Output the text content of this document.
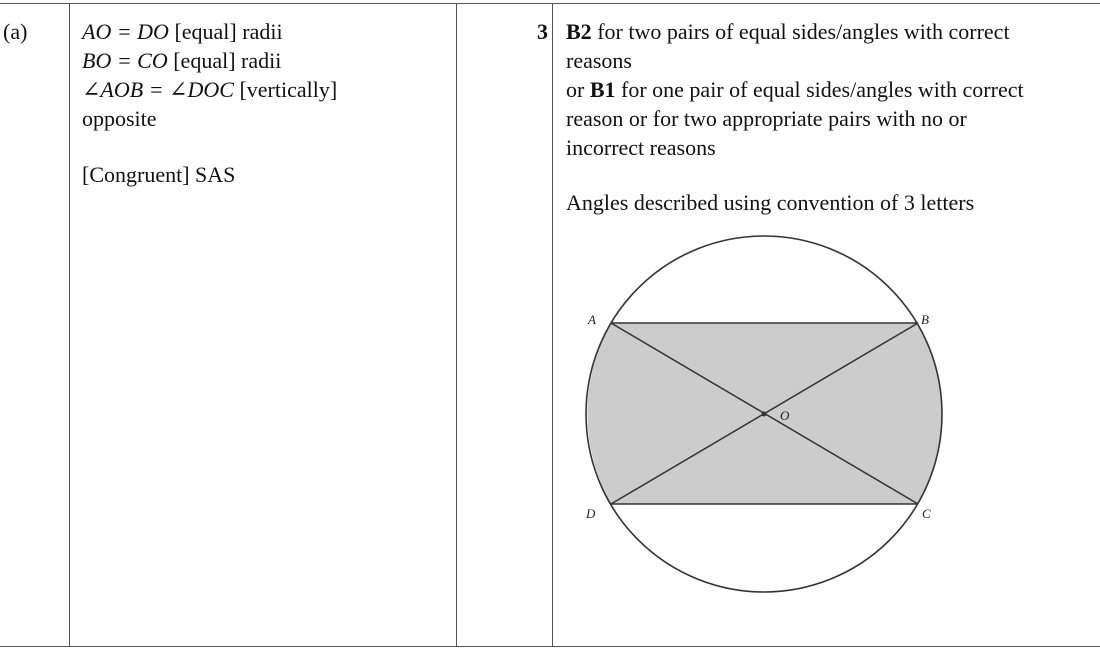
(a) AO = DO [equal] radii
BO = CO [equal] radii
∠AOB = ∠DOC [vertically]
opposite
[Congruent] SAS
3 B2 for two pairs of equal sides/angles with correct
reasons
or B1 for one pair of equal sides/angles with correct
reason or for two appropriate pairs with no or
incorrect reasons
Angles described using convention of 3 letters
A	B
C
D
O
